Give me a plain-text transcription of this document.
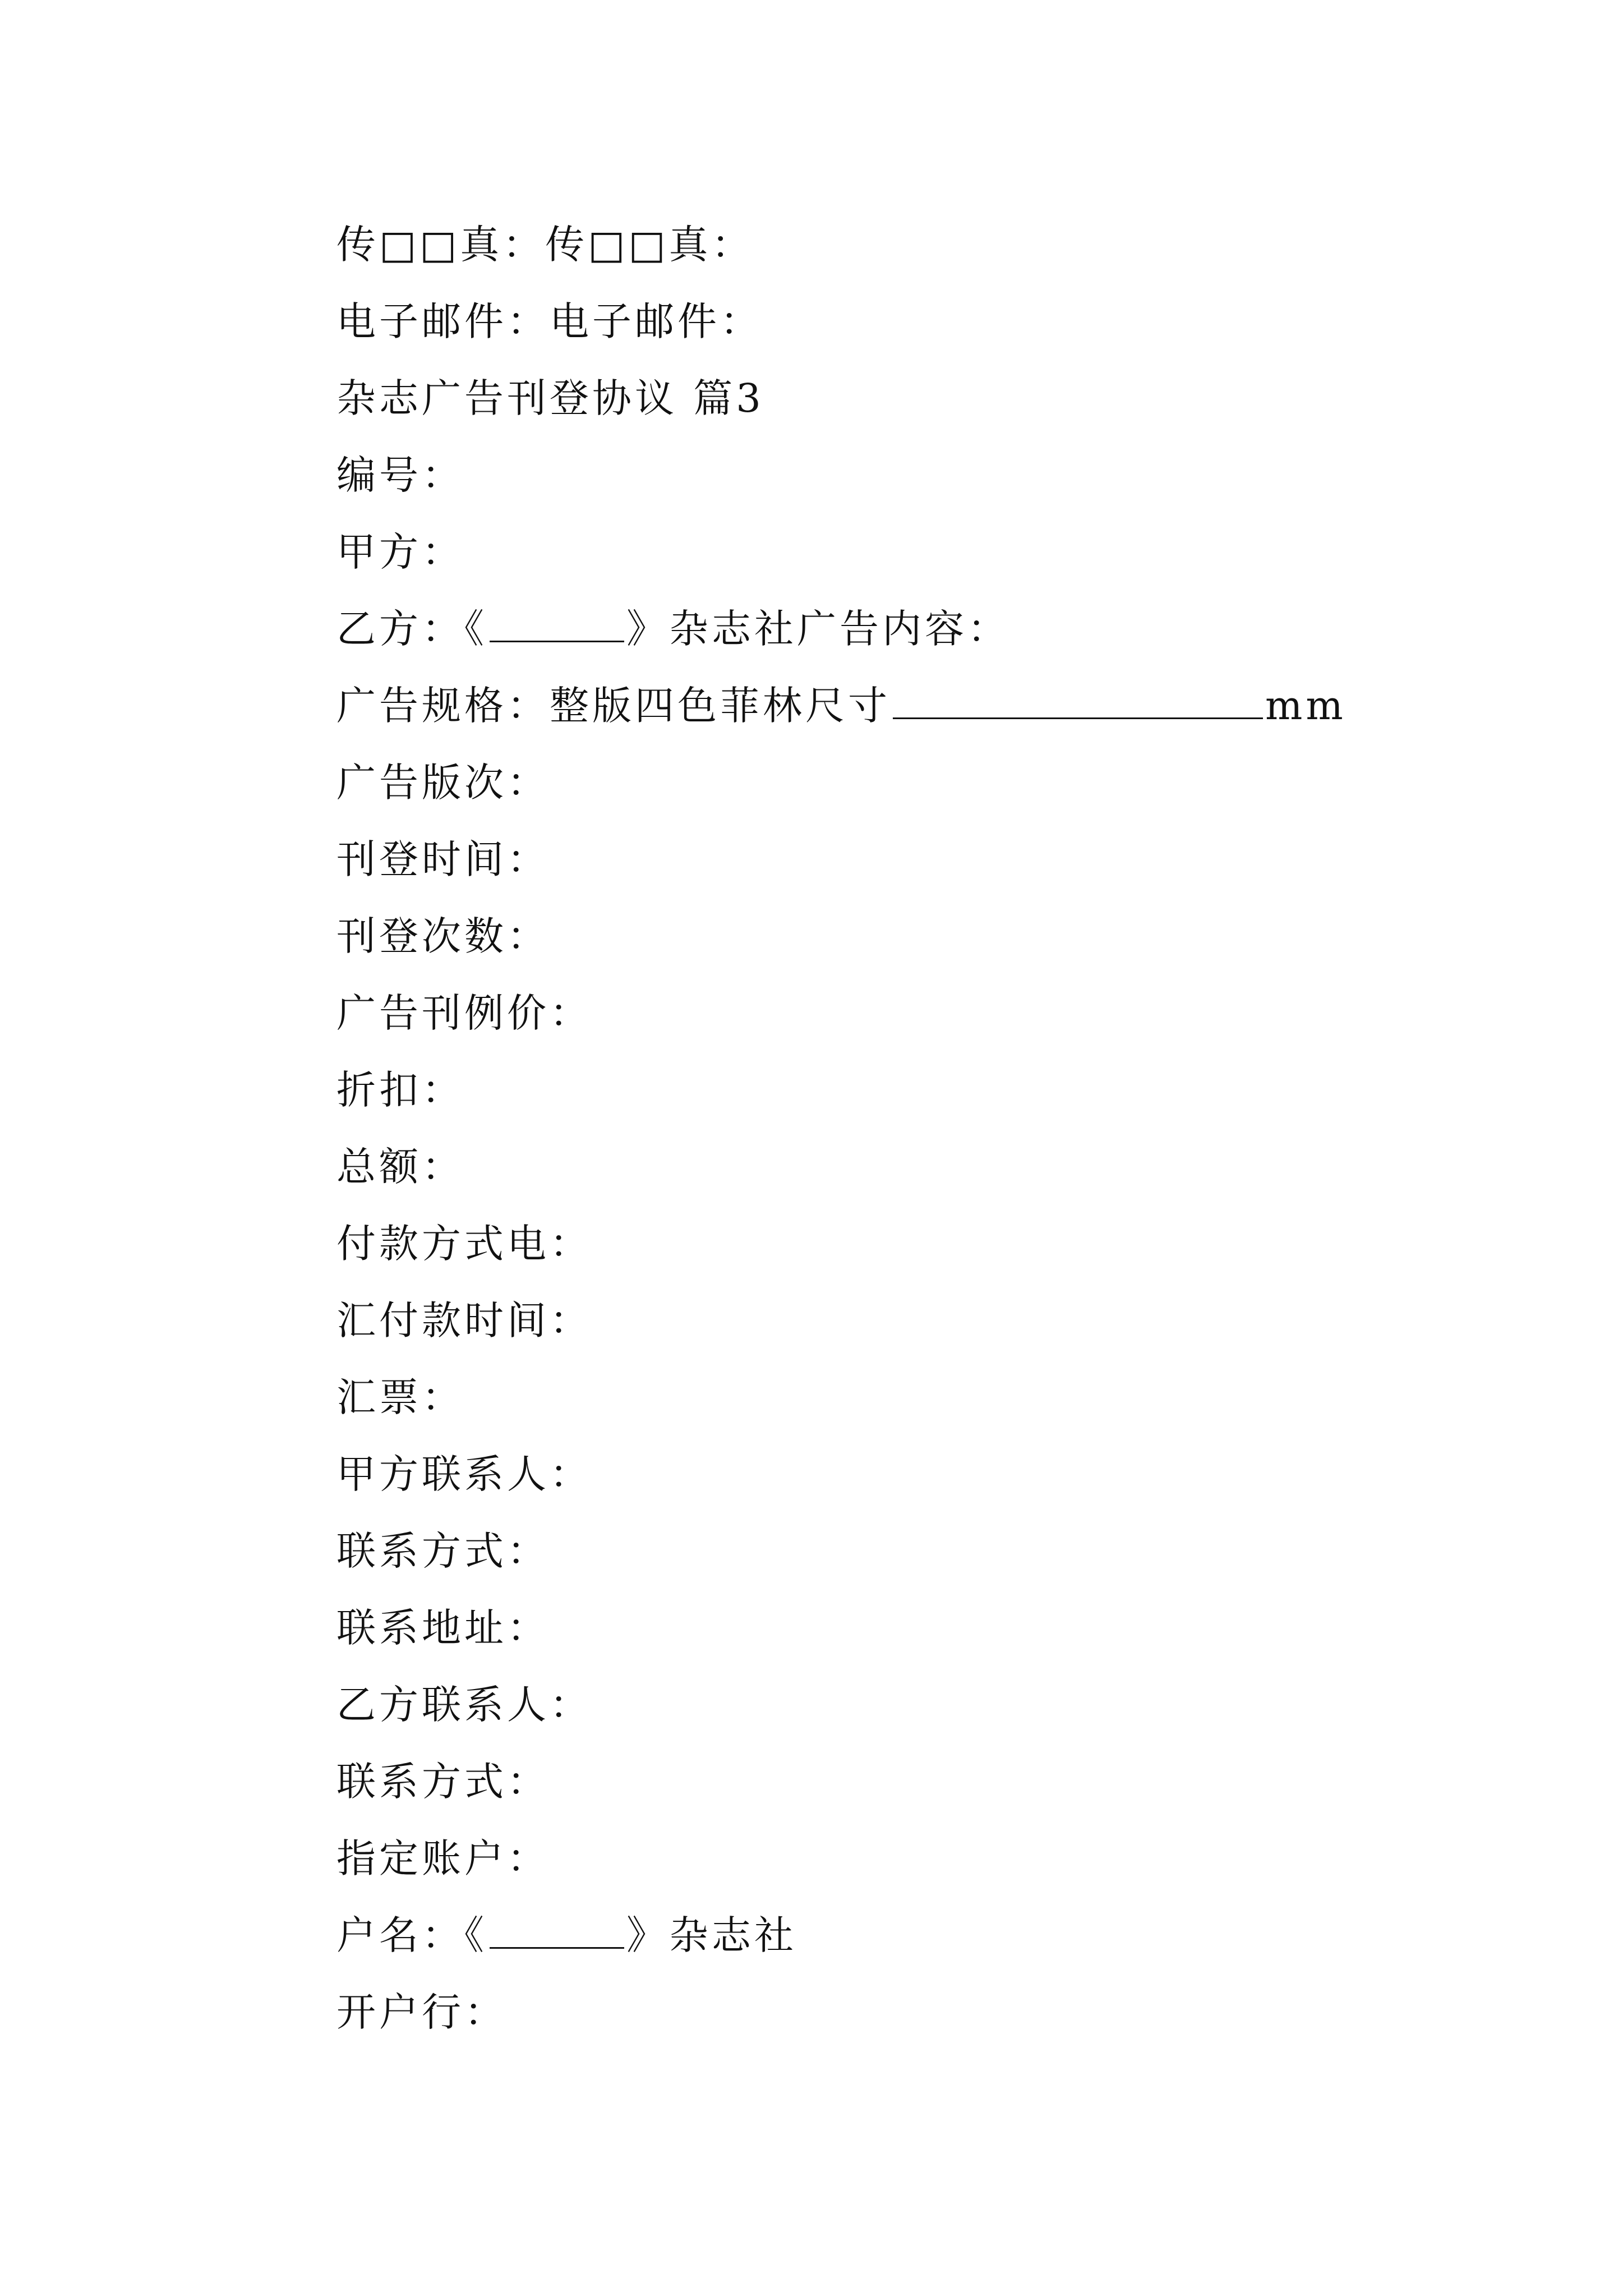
传□□真：传□□真：
电子邮件：电子邮件：
杂志广告刊登协议 篇3
编号：
甲方：
乙方：《	》杂志社广告内容：
广告规格：整版四色菲林尺寸	mm
广告版次：
刊登时间：
刊登次数：
广告刊例价：
折扣：
总额：
付款方式电：
汇付款时间：
汇票：
甲方联系人：
联系方式：
联系地址：
乙方联系人：
联系方式：
指定账户：
户名：《	》杂志社
开户行：
